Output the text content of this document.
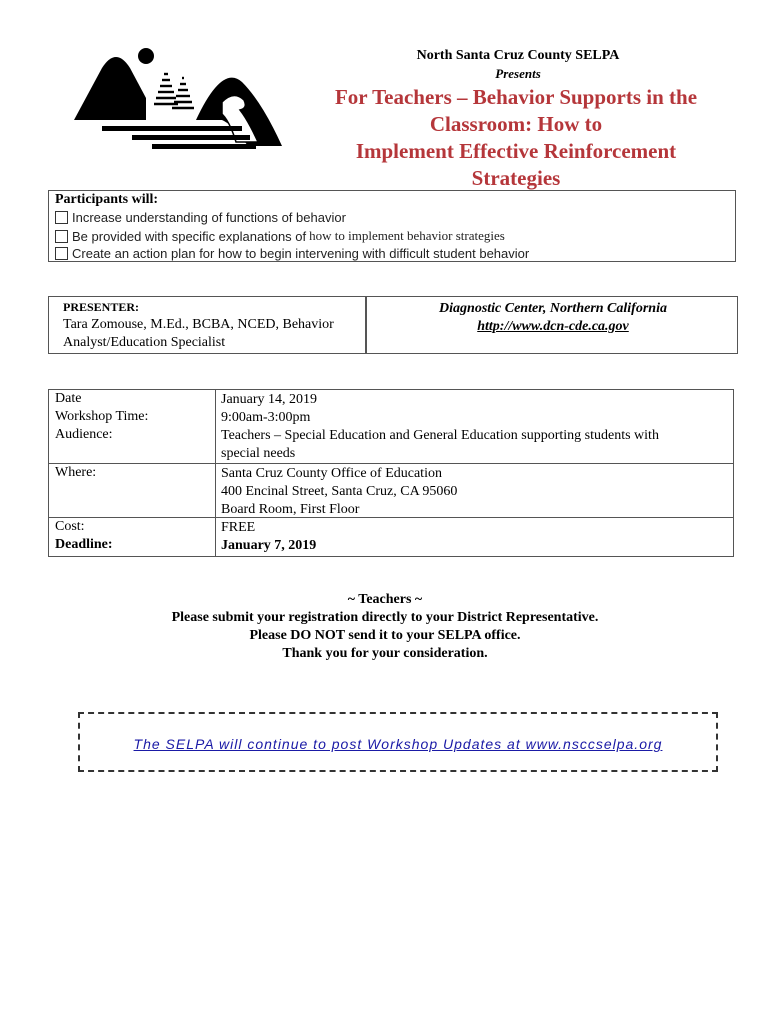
North Santa Cruz County SELPA
Presents
For Teachers – Behavior Supports in the
Classroom: How to
Implement Effective Reinforcement
Strategies
Participants will:
Increase understanding of functions of behavior
Be provided with specific explanations of how to implement behavior strategies
Create an action plan for how to begin intervening with difficult student behavior
PRESENTER:
Tara Zomouse, M.Ed., BCBA, NCED, Behavior
Analyst/Education Specialist
Diagnostic Center, Northern California
http://www.dcn-cde.ca.gov
Date	January 14, 2019
Workshop Time:	9:00am-3:00pm
Audience:	Teachers – Special Education and General Education supporting students with
special needs
Where:	Santa Cruz County Office of Education
400 Encinal Street, Santa Cruz, CA 95060
Board Room, First Floor
Cost:	FREE
Deadline:	January 7, 2019
~ Teachers ~
Please submit your registration directly to your District Representative.
Please DO NOT send it to your SELPA office.
Thank you for your consideration.
The SELPA will continue to post Workshop Updates at www.nsccselpa.org
